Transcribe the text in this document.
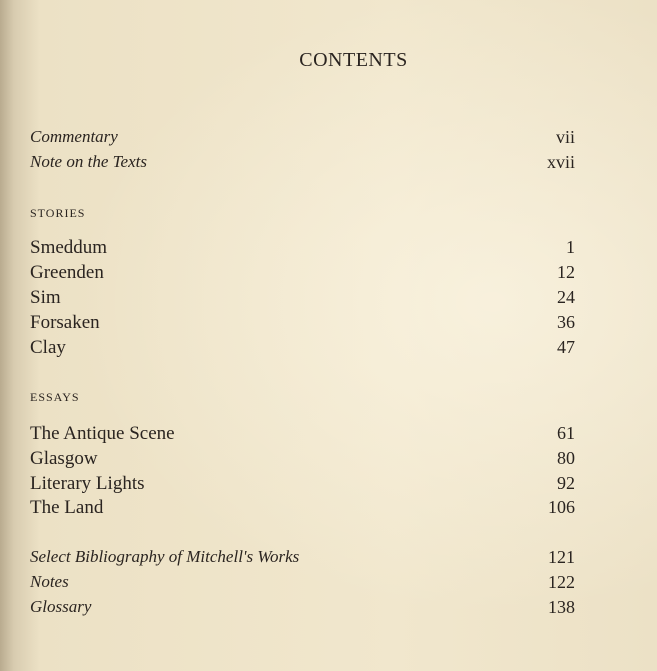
CONTENTS
Commentary	vii
Note on the Texts	xvii
STORIES
Smeddum	1
Greenden	12
Sim	24
Forsaken	36
Clay	47
ESSAYS
The Antique Scene	61
Glasgow	80
Literary Lights	92
The Land	106
Select Bibliography of Mitchell's Works	121
Notes	122
Glossary	138
